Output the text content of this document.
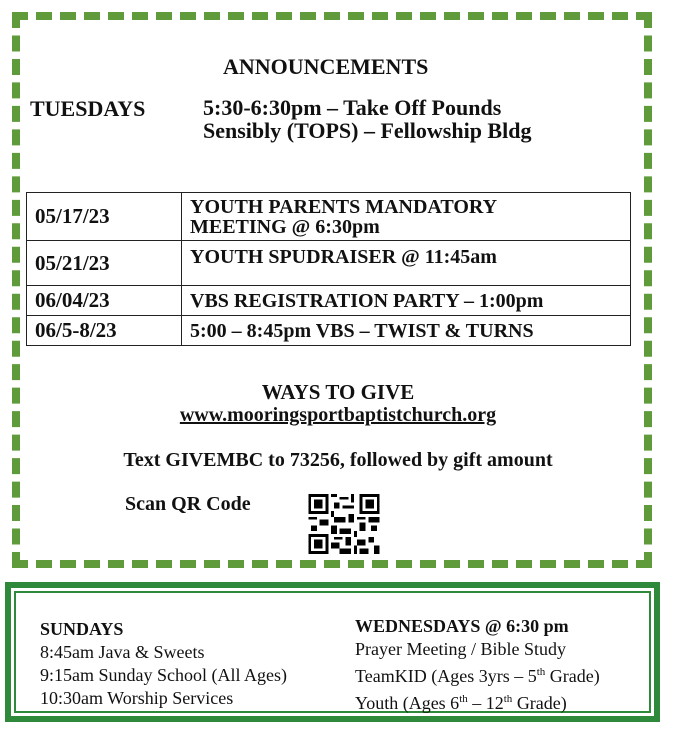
ANNOUNCEMENTS
TUESDAYS	5:30-6:30pm – Take Off Pounds
Sensibly (TOPS) – Fellowship Bldg
05/17/23	YOUTH PARENTS MANDATORY
MEETING @ 6:30pm

05/21/23	YOUTH SPUDRAISER @ 11:45am
06/04/23	VBS REGISTRATION PARTY – 1:00pm
06/5-8/23	5:00 – 8:45pm VBS – TWIST & TURNS
WAYS TO GIVE
www.mooringsportbaptistchurch.org
Text GIVEMBC to 73256, followed by gift amount
Scan QR Code
SUNDAYS
8:45am Java & Sweets
9:15am Sunday School (All Ages)
10:30am Worship Services
WEDNESDAYS @ 6:30 pm
Prayer Meeting / Bible Study
TeamKID (Ages 3yrs – 5th Grade)
Youth (Ages 6th – 12th Grade)
